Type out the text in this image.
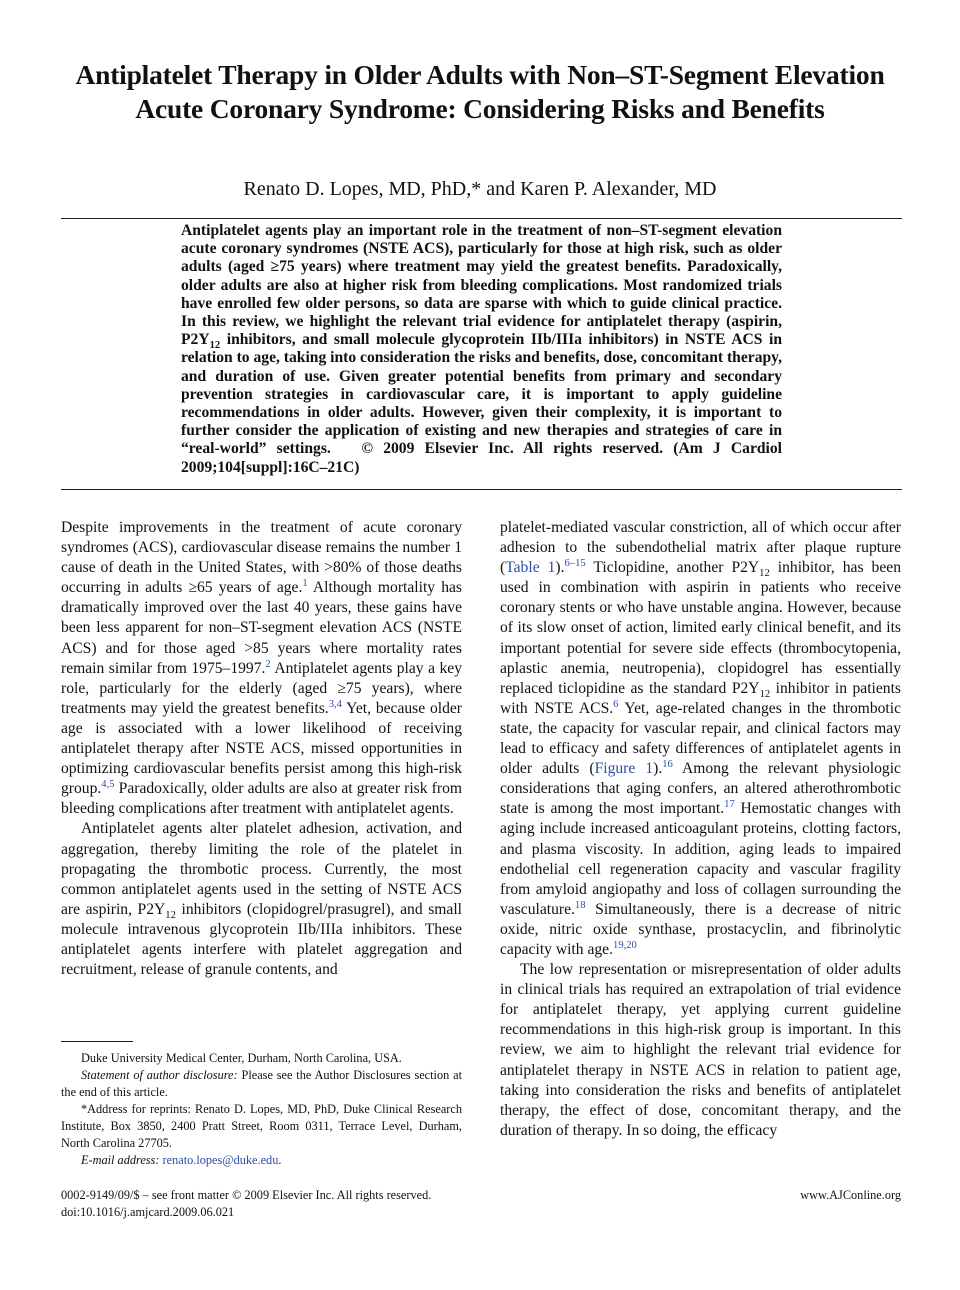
Antiplatelet Therapy in Older Adults with Non–ST-Segment Elevation Acute Coronary Syndrome: Considering Risks and Benefits
Renato D. Lopes, MD, PhD,* and Karen P. Alexander, MD

Antiplatelet agents play an important role in the treatment of non–ST-segment elevation acute coronary syndromes (NSTE ACS), particularly for those at high risk, such as older adults (aged ≥75 years) where treatment may yield the greatest benefits. Paradoxically, older adults are also at higher risk from bleeding complications. Most randomized trials have enrolled few older persons, so data are sparse with which to guide clinical practice. In this review, we highlight the relevant trial evidence for antiplatelet therapy (aspirin, $P2Y_{12}$ inhibitors, and small molecule glycoprotein IIb/IIIa inhibitors) in NSTE ACS in relation to age, taking into consideration the risks and benefits, dose, concomitant therapy, and duration of use. Given greater potential benefits from primary and secondary prevention strategies in cardiovascular care, it is important to apply guideline recommendations in older adults. However, given their complexity, it is important to further consider the application of existing and new therapies and strategies of care in “real-world” settings. © 2009 Elsevier Inc. All rights reserved. (Am J Cardiol 2009;104[suppl]:16C–21C)

Despite improvements in the treatment of acute coronary syndromes (ACS), cardiovascular disease remains the number 1 cause of death in the United States, with >80% of those deaths occurring in adults ≥65 years of age.$^1$ Although mortality has dramatically improved over the last 40 years, these gains have been less apparent for non–ST-segment elevation ACS (NSTE ACS) and for those aged >85 years where mortality rates remain similar from 1975–1997.$^2$ Antiplatelet agents play a key role, particularly for the elderly (aged ≥75 years), where treatments may yield the greatest benefits.$^{3,4}$ Yet, because older age is associated with a lower likelihood of receiving antiplatelet therapy after NSTE ACS, missed opportunities in optimizing cardiovascular benefits persist among this high-risk group.$^{4,5}$ Paradoxically, older adults are also at greater risk from bleeding complications after treatment with antiplatelet agents.

Antiplatelet agents alter platelet adhesion, activation, and aggregation, thereby limiting the role of the platelet in propagating the thrombotic process. Currently, the most common antiplatelet agents used in the setting of NSTE ACS are aspirin, $P2Y_{12}$ inhibitors (clopidogrel/prasugrel), and small molecule intravenous glycoprotein IIb/IIIa inhibitors. These antiplatelet agents interfere with platelet aggregation and recruitment, release of granule contents, and

platelet-mediated vascular constriction, all of which occur after adhesion to the subendothelial matrix after plaque rupture (Table 1).$^{6-15}$ Ticlopidine, another $P2Y_{12}$ inhibitor, has been used in combination with aspirin in patients who receive coronary stents or who have unstable angina. However, because of its slow onset of action, limited early clinical benefit, and its important potential for severe side effects (thrombocytopenia, aplastic anemia, neutropenia), clopidogrel has essentially replaced ticlopidine as the standard $P2Y_{12}$ inhibitor in patients with NSTE ACS.$^6$ Yet, age-related changes in the thrombotic state, the capacity for vascular repair, and clinical factors may lead to efficacy and safety differences of antiplatelet agents in older adults (Figure 1).$^{16}$ Among the relevant physiologic considerations that aging confers, an altered atherothrombotic state is among the most important.$^{17}$ Hemostatic changes with aging include increased anticoagulant proteins, clotting factors, and plasma viscosity. In addition, aging leads to impaired endothelial cell regeneration capacity and vascular fragility from amyloid angiopathy and loss of collagen surrounding the vasculature.$^{18}$ Simultaneously, there is a decrease of nitric oxide, nitric oxide synthase, prostacyclin, and fibrinolytic capacity with age.$^{19,20}$

The low representation or misrepresentation of older adults in clinical trials has required an extrapolation of trial evidence for antiplatelet therapy, yet applying current guideline recommendations in this high-risk group is important. In this review, we aim to highlight the relevant trial evidence for antiplatelet therapy in NSTE ACS in relation to patient age, taking into consideration the risks and benefits of antiplatelet therapy, the effect of dose, concomitant therapy, and the duration of therapy. In so doing, the efficacy

Duke University Medical Center, Durham, North Carolina, USA.

Statement of author disclosure: Please see the Author Disclosures section at the end of this article.

*Address for reprints: Renato D. Lopes, MD, PhD, Duke Clinical Research Institute, Box 3850, 2400 Pratt Street, Room 0311, Terrace Level, Durham, North Carolina 27705.

E-mail address: renato.lopes@duke.edu.

0002-9149/09/$ – see front matter © 2009 Elsevier Inc. All rights reserved.
doi:10.1016/j.amjcard.2009.06.021
www.AJConline.org
